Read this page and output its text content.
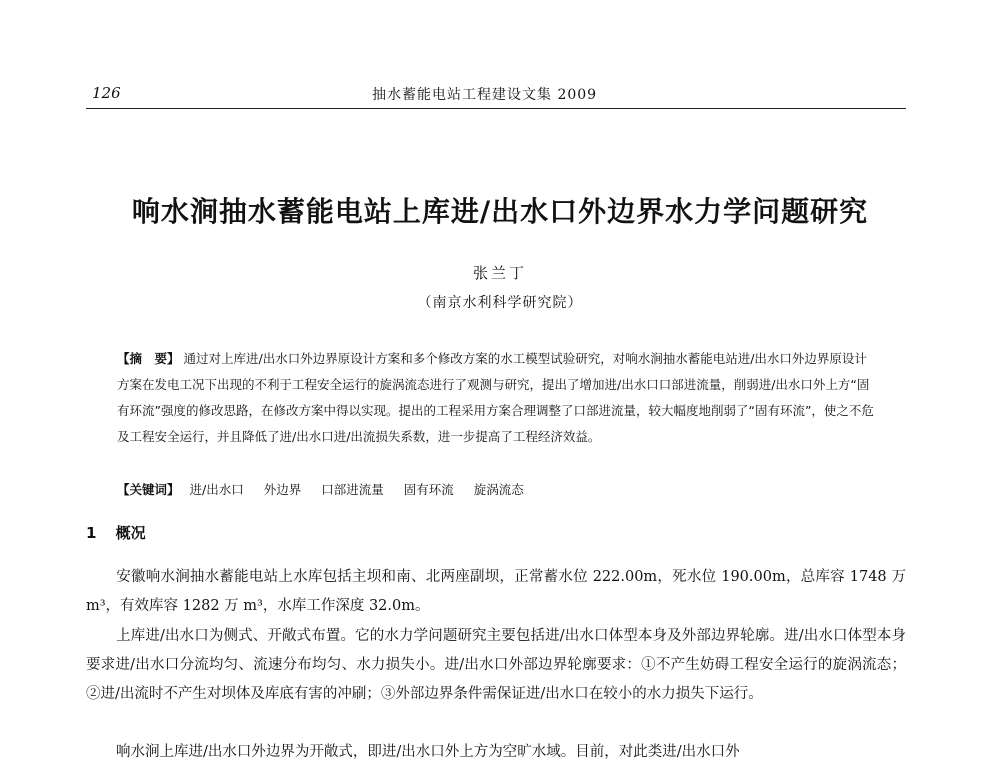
126	抽水蓄能电站工程建设文集 2009
响水涧抽水蓄能电站上库进/出水口外边界水力学问题研究
张兰丁
（南京水利科学研究院）
【摘　要】 通过对上库进/出水口外边界原设计方案和多个修改方案的水工模型试验研究，对响水涧抽水蓄能电站进/出水口外边界原设计方案在发电工况下出现的不利于工程安全运行的旋涡流态进行了观测与研究，提出了增加进/出水口口部进流量，削弱进/出水口外上方“固有环流”强度的修改思路，在修改方案中得以实现。提出的工程采用方案合理调整了口部进流量，较大幅度地削弱了“固有环流”，使之不危及工程安全运行，并且降低了进/出水口进/出流损失系数，进一步提高了工程经济效益。
【关键词】 进/出水口 外边界 口部进流量 固有环流 旋涡流态
1 概况
安徽响水涧抽水蓄能电站上水库包括主坝和南、北两座副坝，正常蓄水位 222.00m，死水位 190.00m，总库容 1748 万 m³，有效库容 1282 万 m³，水库工作深度 32.0m。
上库进/出水口为侧式、开敞式布置。它的水力学问题研究主要包括进/出水口体型本身及外部边界轮廓。进/出水口体型本身要求进/出水口分流均匀、流速分布均匀、水力损失小。进/出水口外部边界轮廓要求：①不产生妨碍工程安全运行的旋涡流态；②进/出流时不产生对坝体及库底有害的冲刷；③外部边界条件需保证进/出水口在较小的水力损失下运行。
响水涧上库进/出水口外边界为开敞式，即进/出水口外上方为空旷水域。目前，对此类进/出水口外
